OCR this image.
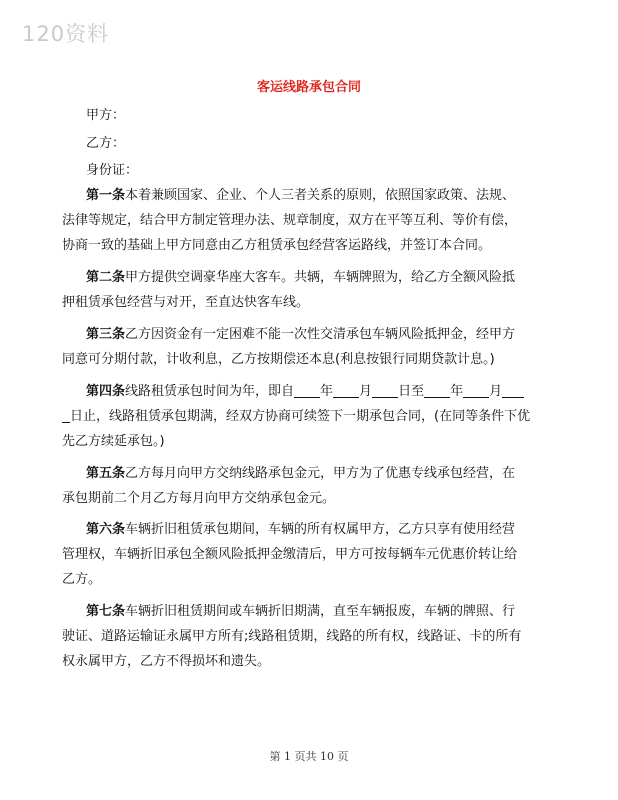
120资料
客运线路承包合同
甲方：
乙方：
身份证：

第一条本着兼顾国家、企业、个人三者关系的原则，依照国家政策、法规、
法律等规定，结合甲方制定管理办法、规章制度，双方在平等互利、等价有偿，
协商一致的基础上甲方同意由乙方租赁承包经营客运路线，并签订本合同。

第二条甲方提供空调豪华座大客车。共辆，车辆牌照为，给乙方全额风险抵
押租赁承包经营与对开，至直达快客车线。

第三条乙方因资金有一定困难不能一次性交清承包车辆风险抵押金，经甲方
同意可分期付款，计收利息，乙方按期偿还本息(利息按银行同期贷款计息。)

第四条线路租赁承包时间为年，即自 年 月 日至 年 月
日止，线路租赁承包期满，经双方协商可续签下一期承包合同，(在同等条件下优
先乙方续延承包。)

第五条乙方每月向甲方交纳线路承包金元，甲方为了优惠专线承包经营，在
承包期前二个月乙方每月向甲方交纳承包金元。

第六条车辆折旧租赁承包期间，车辆的所有权属甲方，乙方只享有使用经营
管理权，车辆折旧承包全额风险抵押金缴清后，甲方可按每辆车元优惠价转让给
乙方。

第七条车辆折旧租赁期间或车辆折旧期满，直至车辆报废，车辆的牌照、行
驶证、道路运输证永属甲方所有;线路租赁期，线路的所有权，线路证、卡的所有
权永属甲方，乙方不得损坏和遗失。

第 1 页共 10 页
